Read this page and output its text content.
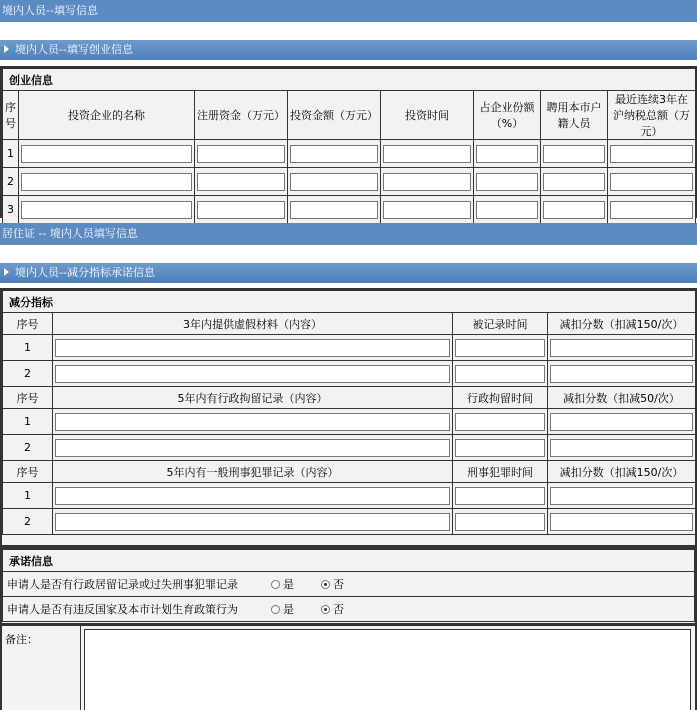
境内人员--填写信息
境内人员--填写创业信息
创业信息							
序号	投资企业的名称	注册资金（万元）	投资金额（万元）	投资时间	占企业份额（%）	聘用本市户籍人员	最近连续3年在沪纳税总额（万元）
1	

2	

3	

居住证 -- 境内人员填写信息
境内人员--减分指标承诺信息
减分指标			
序号	3年内提供虚假材料（内容）	被记录时间	减扣分数（扣减150/次）
1	

2	

序号	5年内有行政拘留记录（内容）	行政拘留时间	减扣分数（扣减50/次）
1	

2	

序号	5年内有一般刑事犯罪记录（内容）	刑事犯罪时间	减扣分数（扣减150/次）
1	

2	

承诺信息
申请人是否有行政居留记录或过失刑事犯罪记录	是	否
申请人是否有违反国家及本市计划生育政策行为	是	否
备注：
